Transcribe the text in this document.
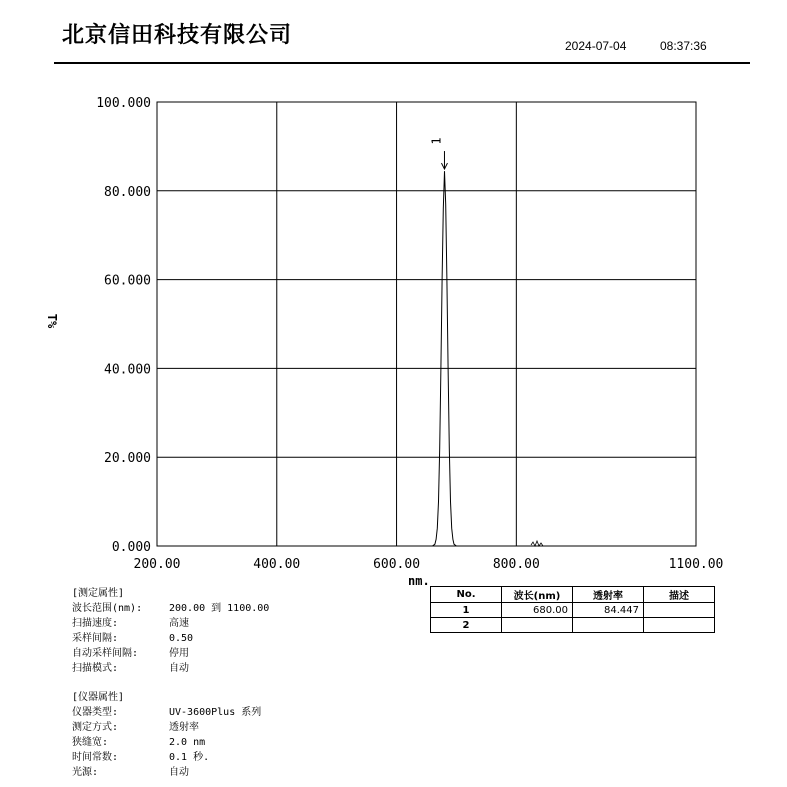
北京信田科技有限公司	2024-07-04	08:37:36
0.000
20.000
40.000
60.000
80.000
100.000
200.00	400.00	600.00	800.00	1100.00
T%
nm.
1
No.	波长(nm)	透射率	描述
1	680.00	84.447	
2			
[测定属性]
波长范围(nm):	200.00 到 1100.00
扫描速度:	高速
采样间隔:	0.50
自动采样间隔:	停用
扫描模式:	自动
[仪器属性]
仪器类型:	UV-3600Plus 系列
测定方式:	透射率
狭缝宽:	2.0 nm
时间常数:	0.1 秒.
光源:	自动
